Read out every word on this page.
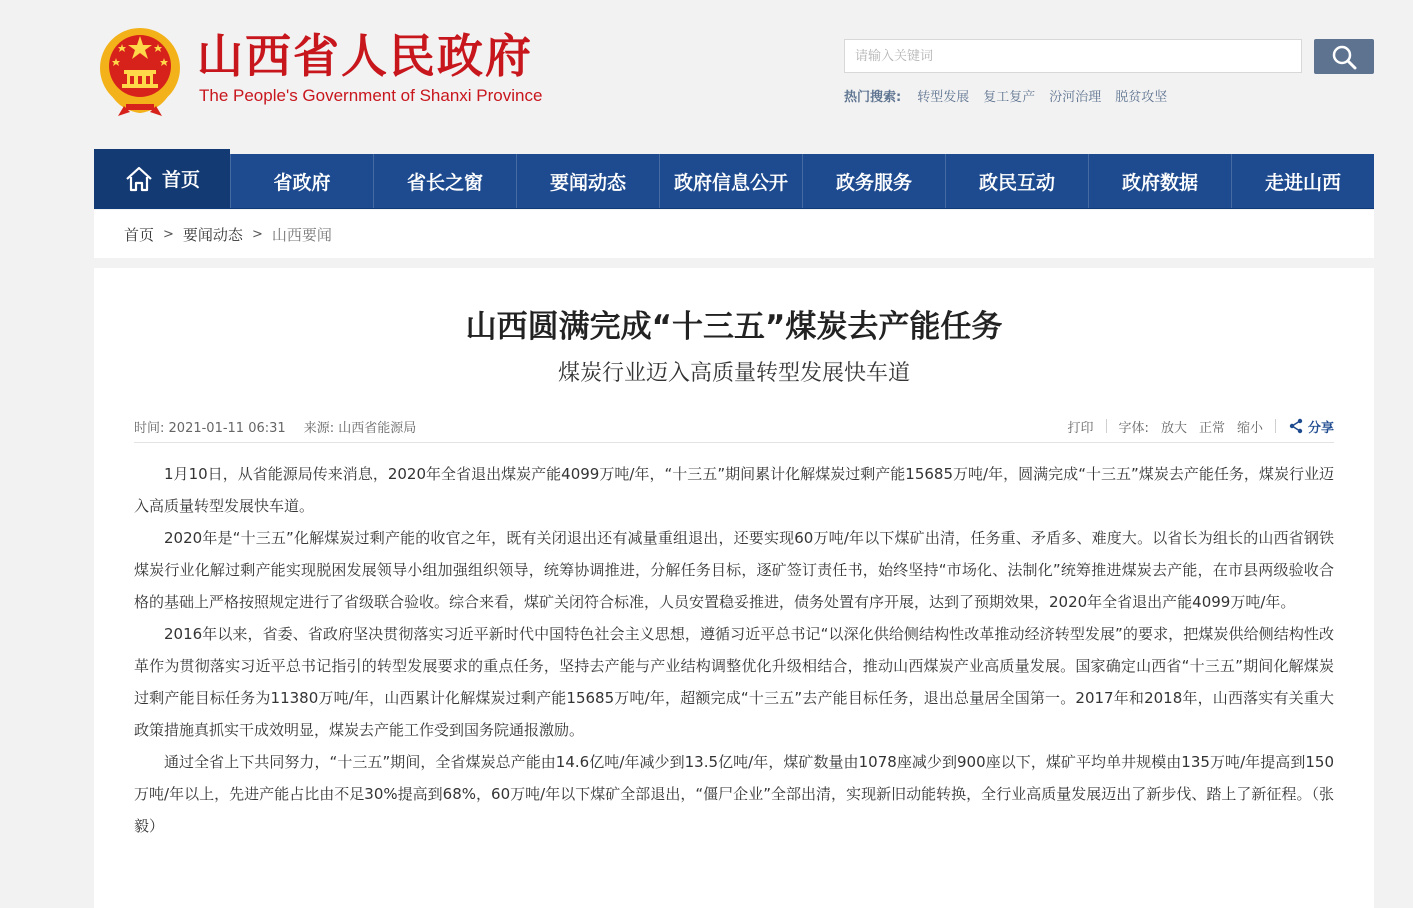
山西省人民政府
The People's Government of Shanxi Province
请输入关键词	热门搜索: 转型发展 复工复产 汾河治理 脱贫攻坚
首页	省政府	省长之窗	要闻动态	政府信息公开	政务服务	政民互动	政府数据	走进山西
首页 > 要闻动态 > 山西要闻
山西圆满完成“十三五”煤炭去产能任务
煤炭行业迈入高质量转型发展快车道
时间: 2021-01-11 06:31 来源: 山西省能源局	打印 字体: 放大 正常 缩小	分享

1月10日，从省能源局传来消息，2020年全省退出煤炭产能4099万吨/年，“十三五”期间累计化解煤炭过剩产能15685万吨/年，圆满完成“十三五”煤炭去产能任务，煤炭行业迈入高质量转型发展快车道。

2020年是“十三五”化解煤炭过剩产能的收官之年，既有关闭退出还有减量重组退出，还要实现60万吨/年以下煤矿出清，任务重、矛盾多、难度大。以省长为组长的山西省钢铁煤炭行业化解过剩产能实现脱困发展领导小组加强组织领导，统筹协调推进，分解任务目标，逐矿签订责任书，始终坚持“市场化、法制化”统筹推进煤炭去产能，在市县两级验收合格的基础上严格按照规定进行了省级联合验收。综合来看，煤矿关闭符合标准，人员安置稳妥推进，债务处置有序开展，达到了预期效果，2020年全省退出产能4099万吨/年。

2016年以来，省委、省政府坚决贯彻落实习近平新时代中国特色社会主义思想，遵循习近平总书记“以深化供给侧结构性改革推动经济转型发展”的要求，把煤炭供给侧结构性改革作为贯彻落实习近平总书记指引的转型发展要求的重点任务，坚持去产能与产业结构调整优化升级相结合，推动山西煤炭产业高质量发展。国家确定山西省“十三五”期间化解煤炭过剩产能目标任务为11380万吨/年，山西累计化解煤炭过剩产能15685万吨/年，超额完成“十三五”去产能目标任务，退出总量居全国第一。2017年和2018年，山西落实有关重大政策措施真抓实干成效明显，煤炭去产能工作受到国务院通报激励。

通过全省上下共同努力，“十三五”期间，全省煤炭总产能由14.6亿吨/年减少到13.5亿吨/年，煤矿数量由1078座减少到900座以下，煤矿平均单井规模由135万吨/年提高到150万吨/年以上，先进产能占比由不足30%提高到68%，60万吨/年以下煤矿全部退出，“僵尸企业”全部出清，实现新旧动能转换，全行业高质量发展迈出了新步伐、踏上了新征程。（张毅）
